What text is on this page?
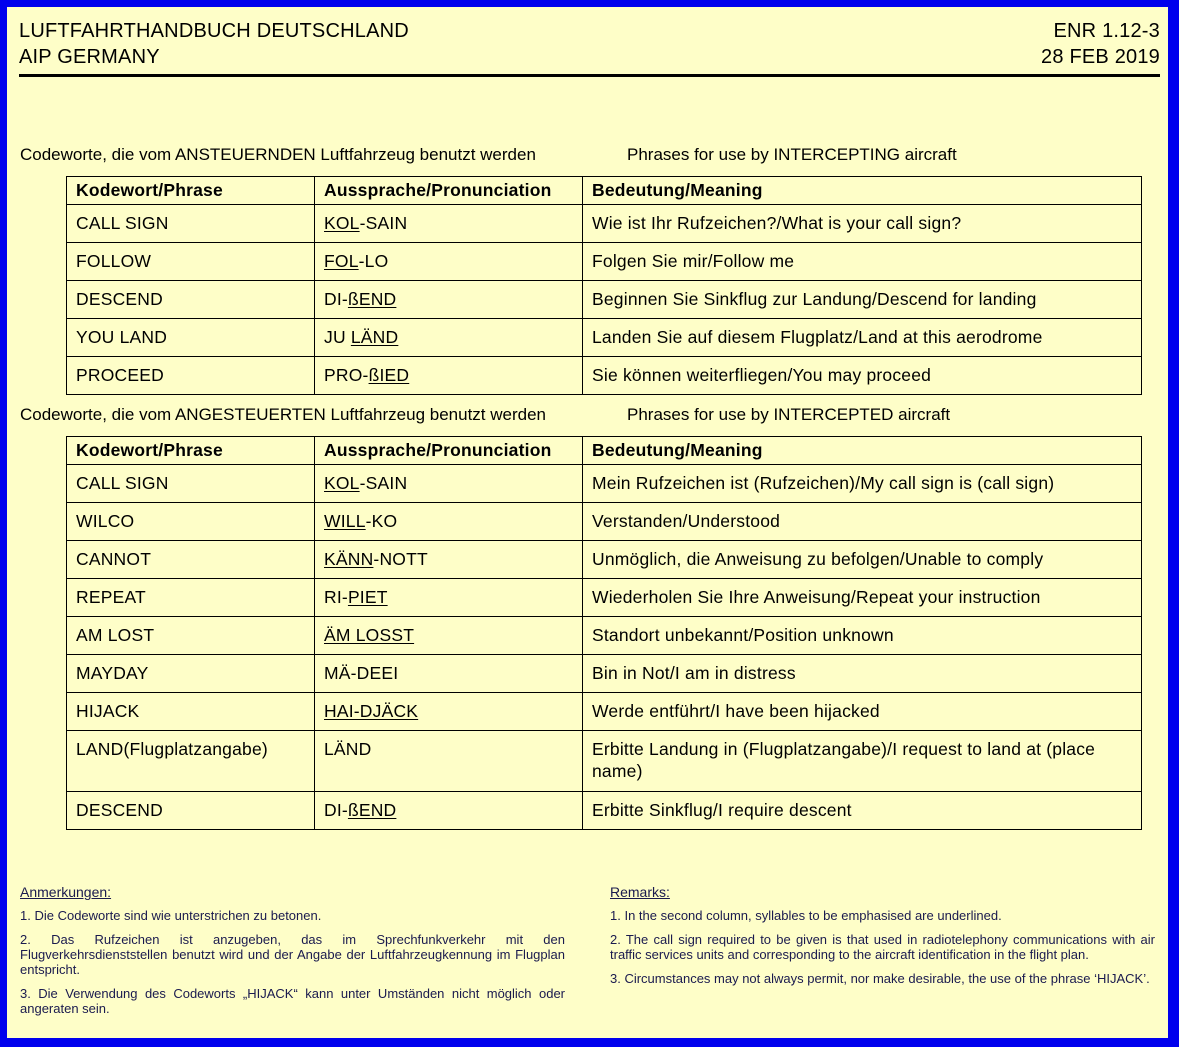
LUFTFAHRTHANDBUCH DEUTSCHLAND
AIP GERMANY
ENR 1.12-3
28 FEB 2019
Codeworte, die vom ANSTEUERNDEN Luftfahrzeug benutzt werden	Phrases for use by INTERCEPTING aircraft
Kodewort/Phrase	Aussprache/Pronunciation	Bedeutung/Meaning
CALL SIGN	KOL-SAIN	Wie ist Ihr Rufzeichen?/What is your call sign?
FOLLOW	FOL-LO	Folgen Sie mir/Follow me
DESCEND	DI-ßEND	Beginnen Sie Sinkflug zur Landung/Descend for landing
YOU LAND	JU LÄND	Landen Sie auf diesem Flugplatz/Land at this aerodrome
PROCEED	PRO-ßIED	Sie können weiterfliegen/You may proceed
Codeworte, die vom ANGESTEUERTEN Luftfahrzeug benutzt werden	Phrases for use by INTERCEPTED aircraft
Kodewort/Phrase	Aussprache/Pronunciation	Bedeutung/Meaning
CALL SIGN	KOL-SAIN	Mein Rufzeichen ist (Rufzeichen)/My call sign is (call sign)
WILCO	WILL-KO	Verstanden/Understood
CANNOT	KÄNN-NOTT	Unmöglich, die Anweisung zu befolgen/Unable to comply
REPEAT	RI-PIET	Wiederholen Sie Ihre Anweisung/Repeat your instruction
AM LOST	ÄM LOSST	Standort unbekannt/Position unknown
MAYDAY	MÄ-DEEI	Bin in Not/I am in distress
HIJACK	HAI-DJÄCK	Werde entführt/I have been hijacked
LAND(Flugplatzangabe)	LÄND	Erbitte Landung in (Flugplatzangabe)/I request to land at (place name)
DESCEND	DI-ßEND	Erbitte Sinkflug/I require descent
Anmerkungen:

1. Die Codeworte sind wie unterstrichen zu betonen.

2. Das Rufzeichen ist anzugeben, das im Sprechfunkverkehr mit den Flugverkehrsdienststellen benutzt wird und der Angabe der Luftfahrzeugkennung im Flugplan entspricht.

3. Die Verwendung des Codeworts „HIJACK“ kann unter Umständen nicht möglich oder angeraten sein.

Remarks:

1. In the second column, syllables to be emphasised are underlined.

2. The call sign required to be given is that used in radiotelephony communications with air traffic services units and corresponding to the aircraft identification in the flight plan.

3. Circumstances may not always permit, nor make desirable, the use of the phrase ‘HIJACK’.
